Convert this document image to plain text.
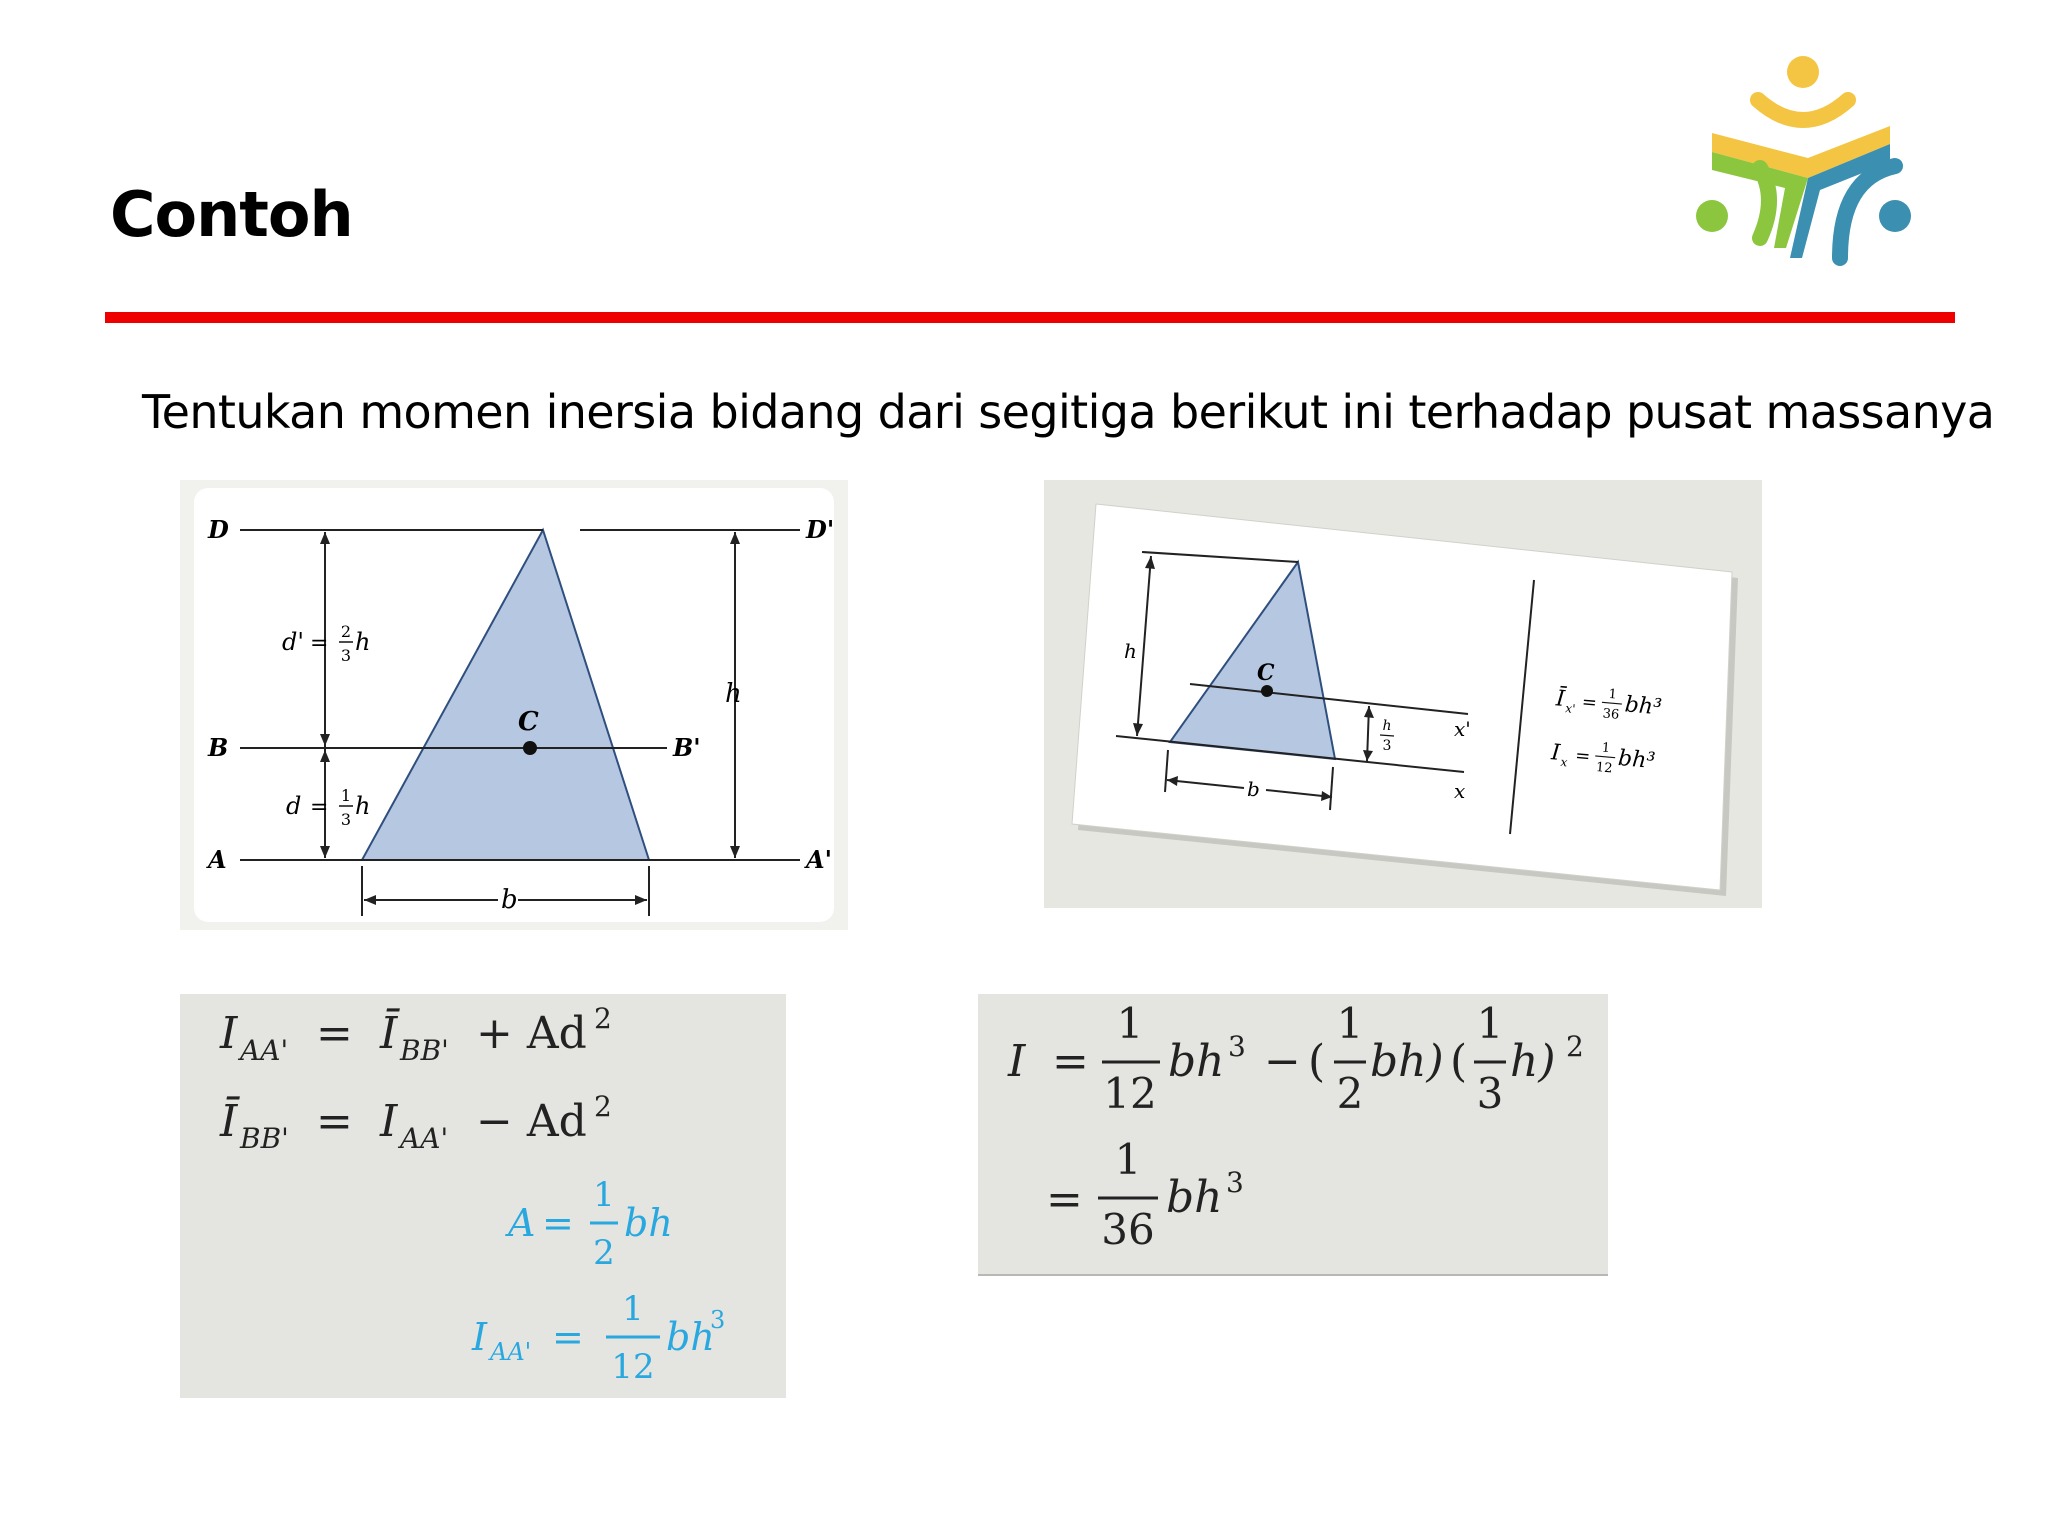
Contoh
Tentukan momen inersia bidang dari segitiga berikut ini terhadap pusat massanya
D	D'
B	B'
A	A'
C
h
b
d' = 2
3 h
d = 1
3 h
h
C
b
x'
x
h
3
Ī
x' = 1
36 bh³
I
x = 1
12 bh³
I AA' = Ī BB' + Ad 2
Ī BB' = I AA' − Ad 2
A =
1
2
bh
I AA' =
1
12
bh
3
I =
1
12
bh 3 − (
1
2
bh) (
1
3
h) 2
=
1
36
bh 3
